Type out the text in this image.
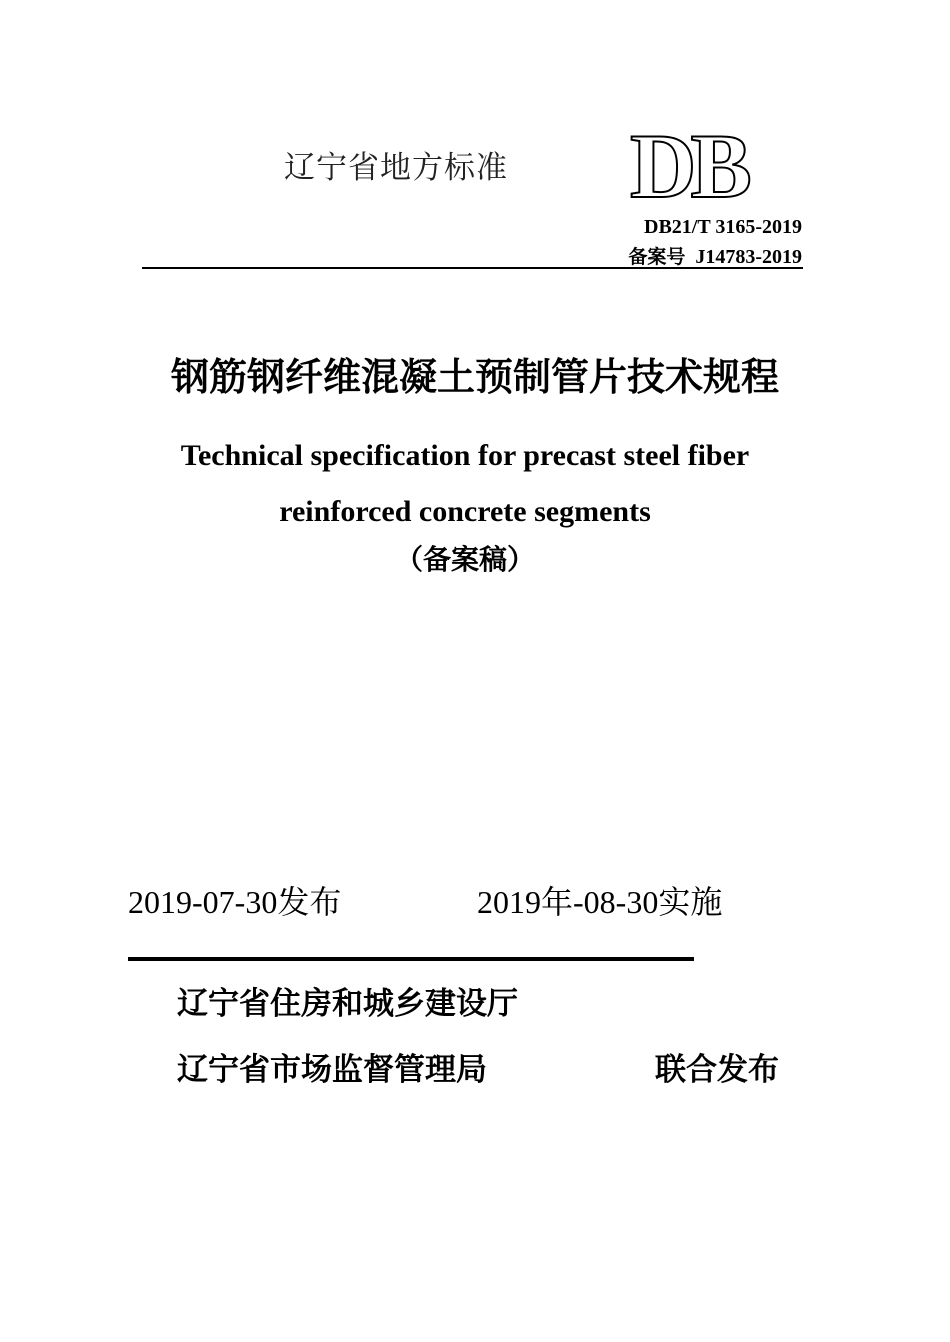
辽宁省地方标准 DB
DB21/T 3165-2019
备案号 J14783-2019
钢筋钢纤维混凝土预制管片技术规程
Technical specification for precast steel fiber
reinforced concrete segments
（备案稿）
2019-07-30发布	2019年-08-30实施
辽宁省住房和城乡建设厅
辽宁省市场监督管理局	联合发布
